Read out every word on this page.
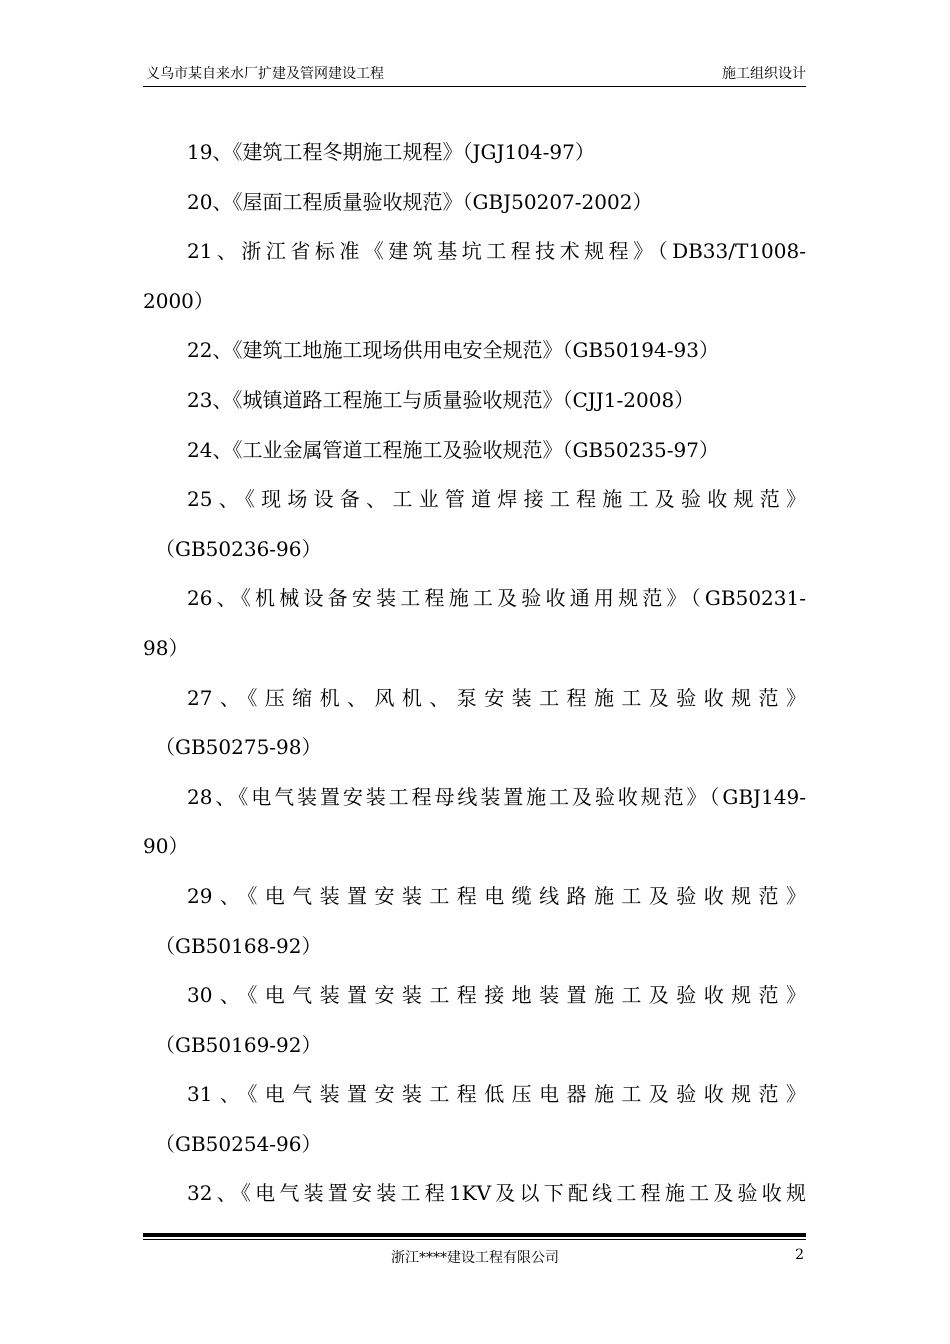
义乌市某自来水厂扩建及管网建设工程	施工组织设计
19、《建筑工程冬期施工规程》（JGJ104-97）
20、《屋面工程质量验收规范》（GBJ50207-2002）
21、浙江省标准《建筑基坑工程技术规程》（DB33/T1008-
2000）
22、《建筑工地施工现场供用电安全规范》（GB50194-93）
23、《城镇道路工程施工与质量验收规范》（CJJ1-2008）
24、《工业金属管道工程施工及验收规范》（GB50235-97）
25、《现场设备、工业管道焊接工程施工及验收规范》
（GB50236-96）
26、《机械设备安装工程施工及验收通用规范》（GB50231-
98）
27、《压缩机、风机、泵安装工程施工及验收规范》
（GB50275-98）
28、《电气装置安装工程母线装置施工及验收规范》（GBJ149-
90）
29、《电气装置安装工程电缆线路施工及验收规范》
（GB50168-92）
30、《电气装置安装工程接地装置施工及验收规范》
（GB50169-92）
31、《电气装置安装工程低压电器施工及验收规范》
（GB50254-96）
32、《电气装置安装工程1KV及以下配线工程施工及验收规
浙江****建设工程有限公司	2
